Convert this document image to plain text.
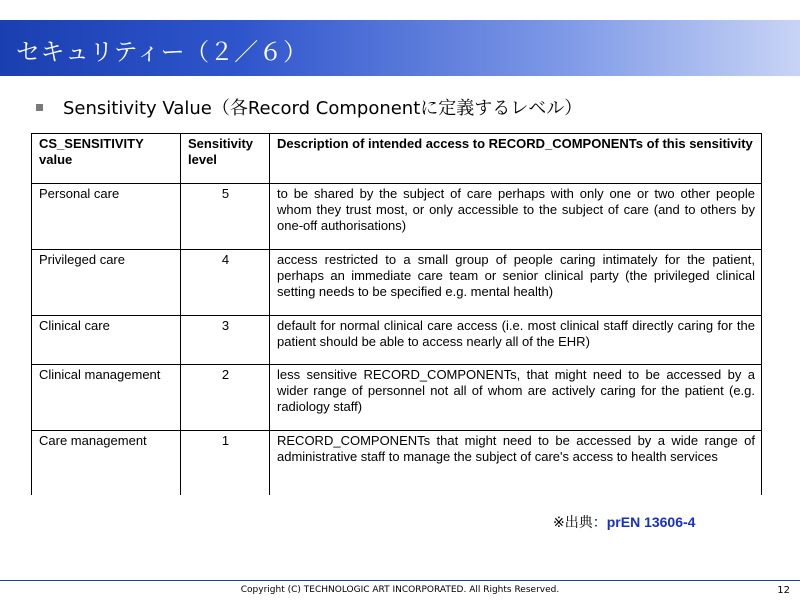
セキュリティー（２／６）
Sensitivity Value（各Record Componentに定義するレベル）
CS_SENSITIVITY value	Sensitivity level	Description of intended access to RECORD_COMPONENTs of this sensitivity
Personal care	5	to be shared by the subject of care perhaps with only one or two other people whom they trust most, or only accessible to the subject of care (and to others by one-off authorisations)
Privileged care	4	access restricted to a small group of people caring intimately for the patient, perhaps an immediate care team or senior clinical party (the privileged clinical setting needs to be specified e.g. mental health)
Clinical care	3	default for normal clinical care access (i.e. most clinical staff directly caring for the patient should be able to access nearly all of the EHR)
Clinical management	2	less sensitive RECORD_COMPONENTs, that might need to be accessed by a wider range of personnel not all of whom are actively caring for the patient (e.g. radiology staff)
Care management	1	RECORD_COMPONENTs that might need to be accessed by a wide range of administrative staff to manage the subject of care's access to health services
※出典：prEN 13606-4
Copyright (C) TECHNOLOGIC ART INCORPORATED. All Rights Reserved.	12
